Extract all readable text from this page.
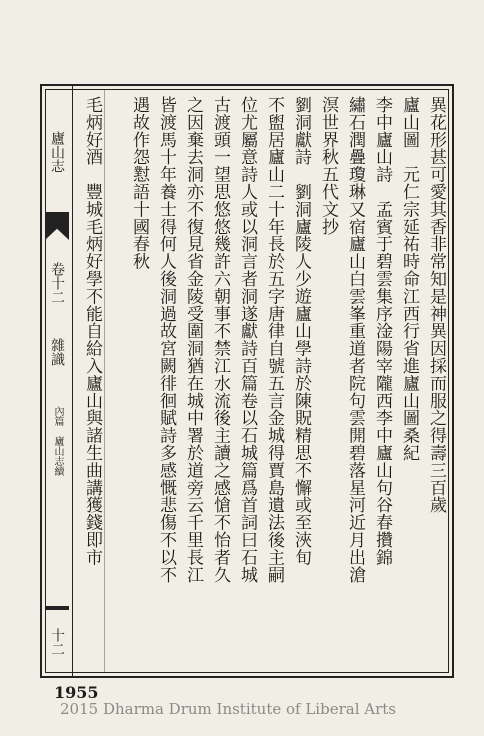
廬山志
卷十二
雜識
內篇　廬山志續
十二
異花形甚可愛其香非常知是神異因採而服之得壽三百歲
廬山圖　元仁宗延祐時命江西行省進廬山圖桑紀
李中廬山詩　孟賓于碧雲集序淦陽宰隴西李中廬山句谷春攢錦
繡石潤疊瓊琳又宿廬山白雲峯重道者院句雲開碧落星河近月出滄
溟世界秋五代文抄
劉洞獻詩　劉洞廬陵人少遊廬山學詩於陳貺精思不懈或至浹旬
不盥居廬山二十年長於五字唐律自號五言金城得賈島遺法後主嗣
位尤屬意詩人或以洞言者洞遂獻詩百篇卷以石城篇爲首詞曰石城
古渡頭一望思悠悠幾許六朝事不禁江水流後主讀之感愴不怡者久
之因棄去洞亦不復見省金陵受圍洞猶在城中署於道旁云千里長江
皆渡馬十年養士得何人後洞過故宮闕徘徊賦詩多感慨悲傷不以不
遇故作怨懟語十國春秋
毛炳好酒　豐城毛炳好學不能自給入廬山與諸生曲講獲錢即市
1955
2015 Dharma Drum Institute of Liberal Arts
